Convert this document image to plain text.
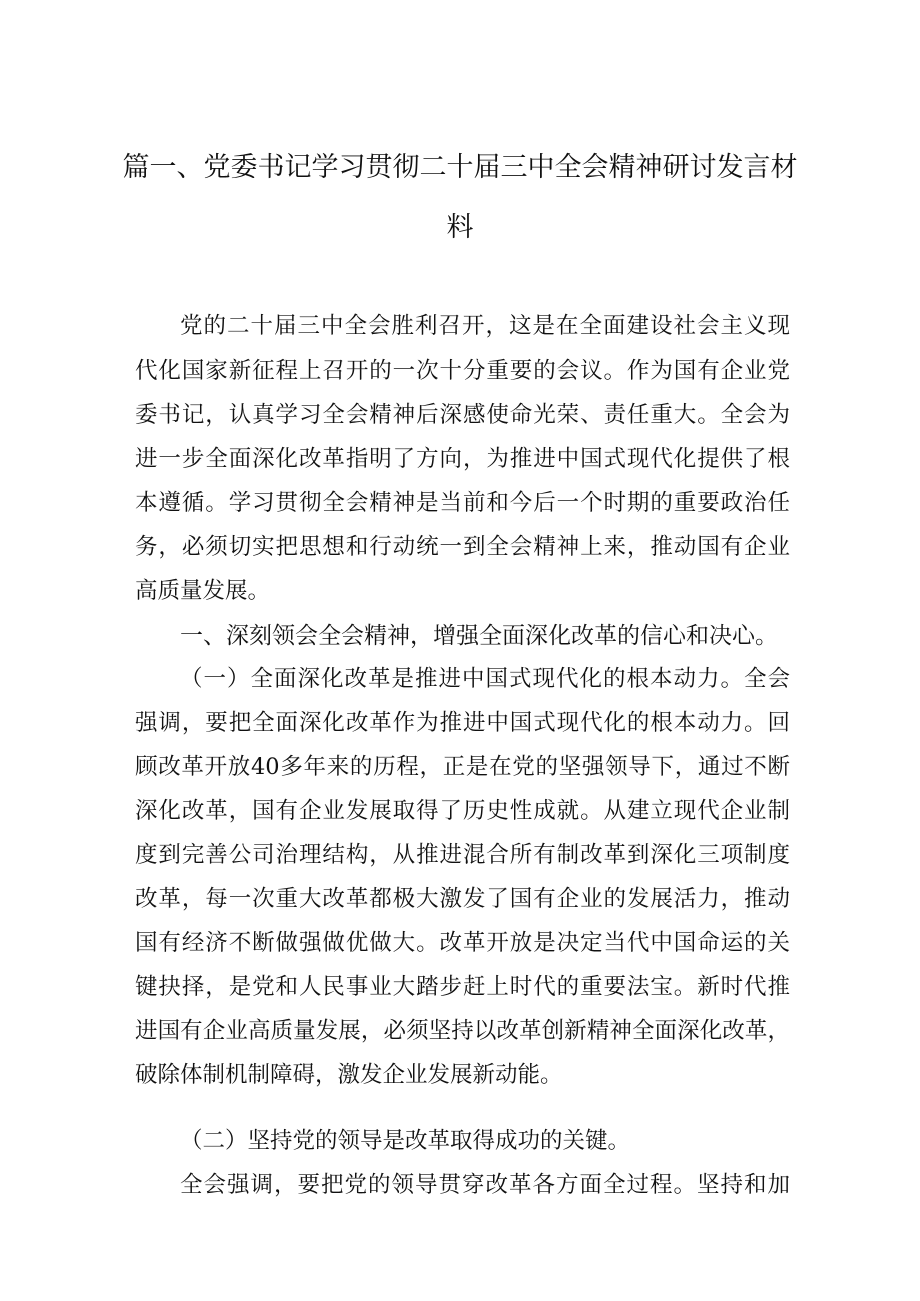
篇一、党委书记学习贯彻二十届三中全会精神研讨发言材
料
党的二十届三中全会胜利召开，这是在全面建设社会主义现
代化国家新征程上召开的一次十分重要的会议。作为国有企业党
委书记，认真学习全会精神后深感使命光荣、责任重大。全会为
进一步全面深化改革指明了方向，为推进中国式现代化提供了根
本遵循。学习贯彻全会精神是当前和今后一个时期的重要政治任
务，必须切实把思想和行动统一到全会精神上来，推动国有企业
高质量发展。
一、深刻领会全会精神，增强全面深化改革的信心和决心。
（一）全面深化改革是推进中国式现代化的根本动力。全会
强调，要把全面深化改革作为推进中国式现代化的根本动力。回
顾改革开放40多年来的历程，正是在党的坚强领导下，通过不断
深化改革，国有企业发展取得了历史性成就。从建立现代企业制
度到完善公司治理结构，从推进混合所有制改革到深化三项制度
改革，每一次重大改革都极大激发了国有企业的发展活力，推动
国有经济不断做强做优做大。改革开放是决定当代中国命运的关
键抉择，是党和人民事业大踏步赶上时代的重要法宝。新时代推
进国有企业高质量发展，必须坚持以改革创新精神全面深化改革，
破除体制机制障碍，激发企业发展新动能。
（二）坚持党的领导是改革取得成功的关键。
全会强调，要把党的领导贯穿改革各方面全过程。坚持和加
